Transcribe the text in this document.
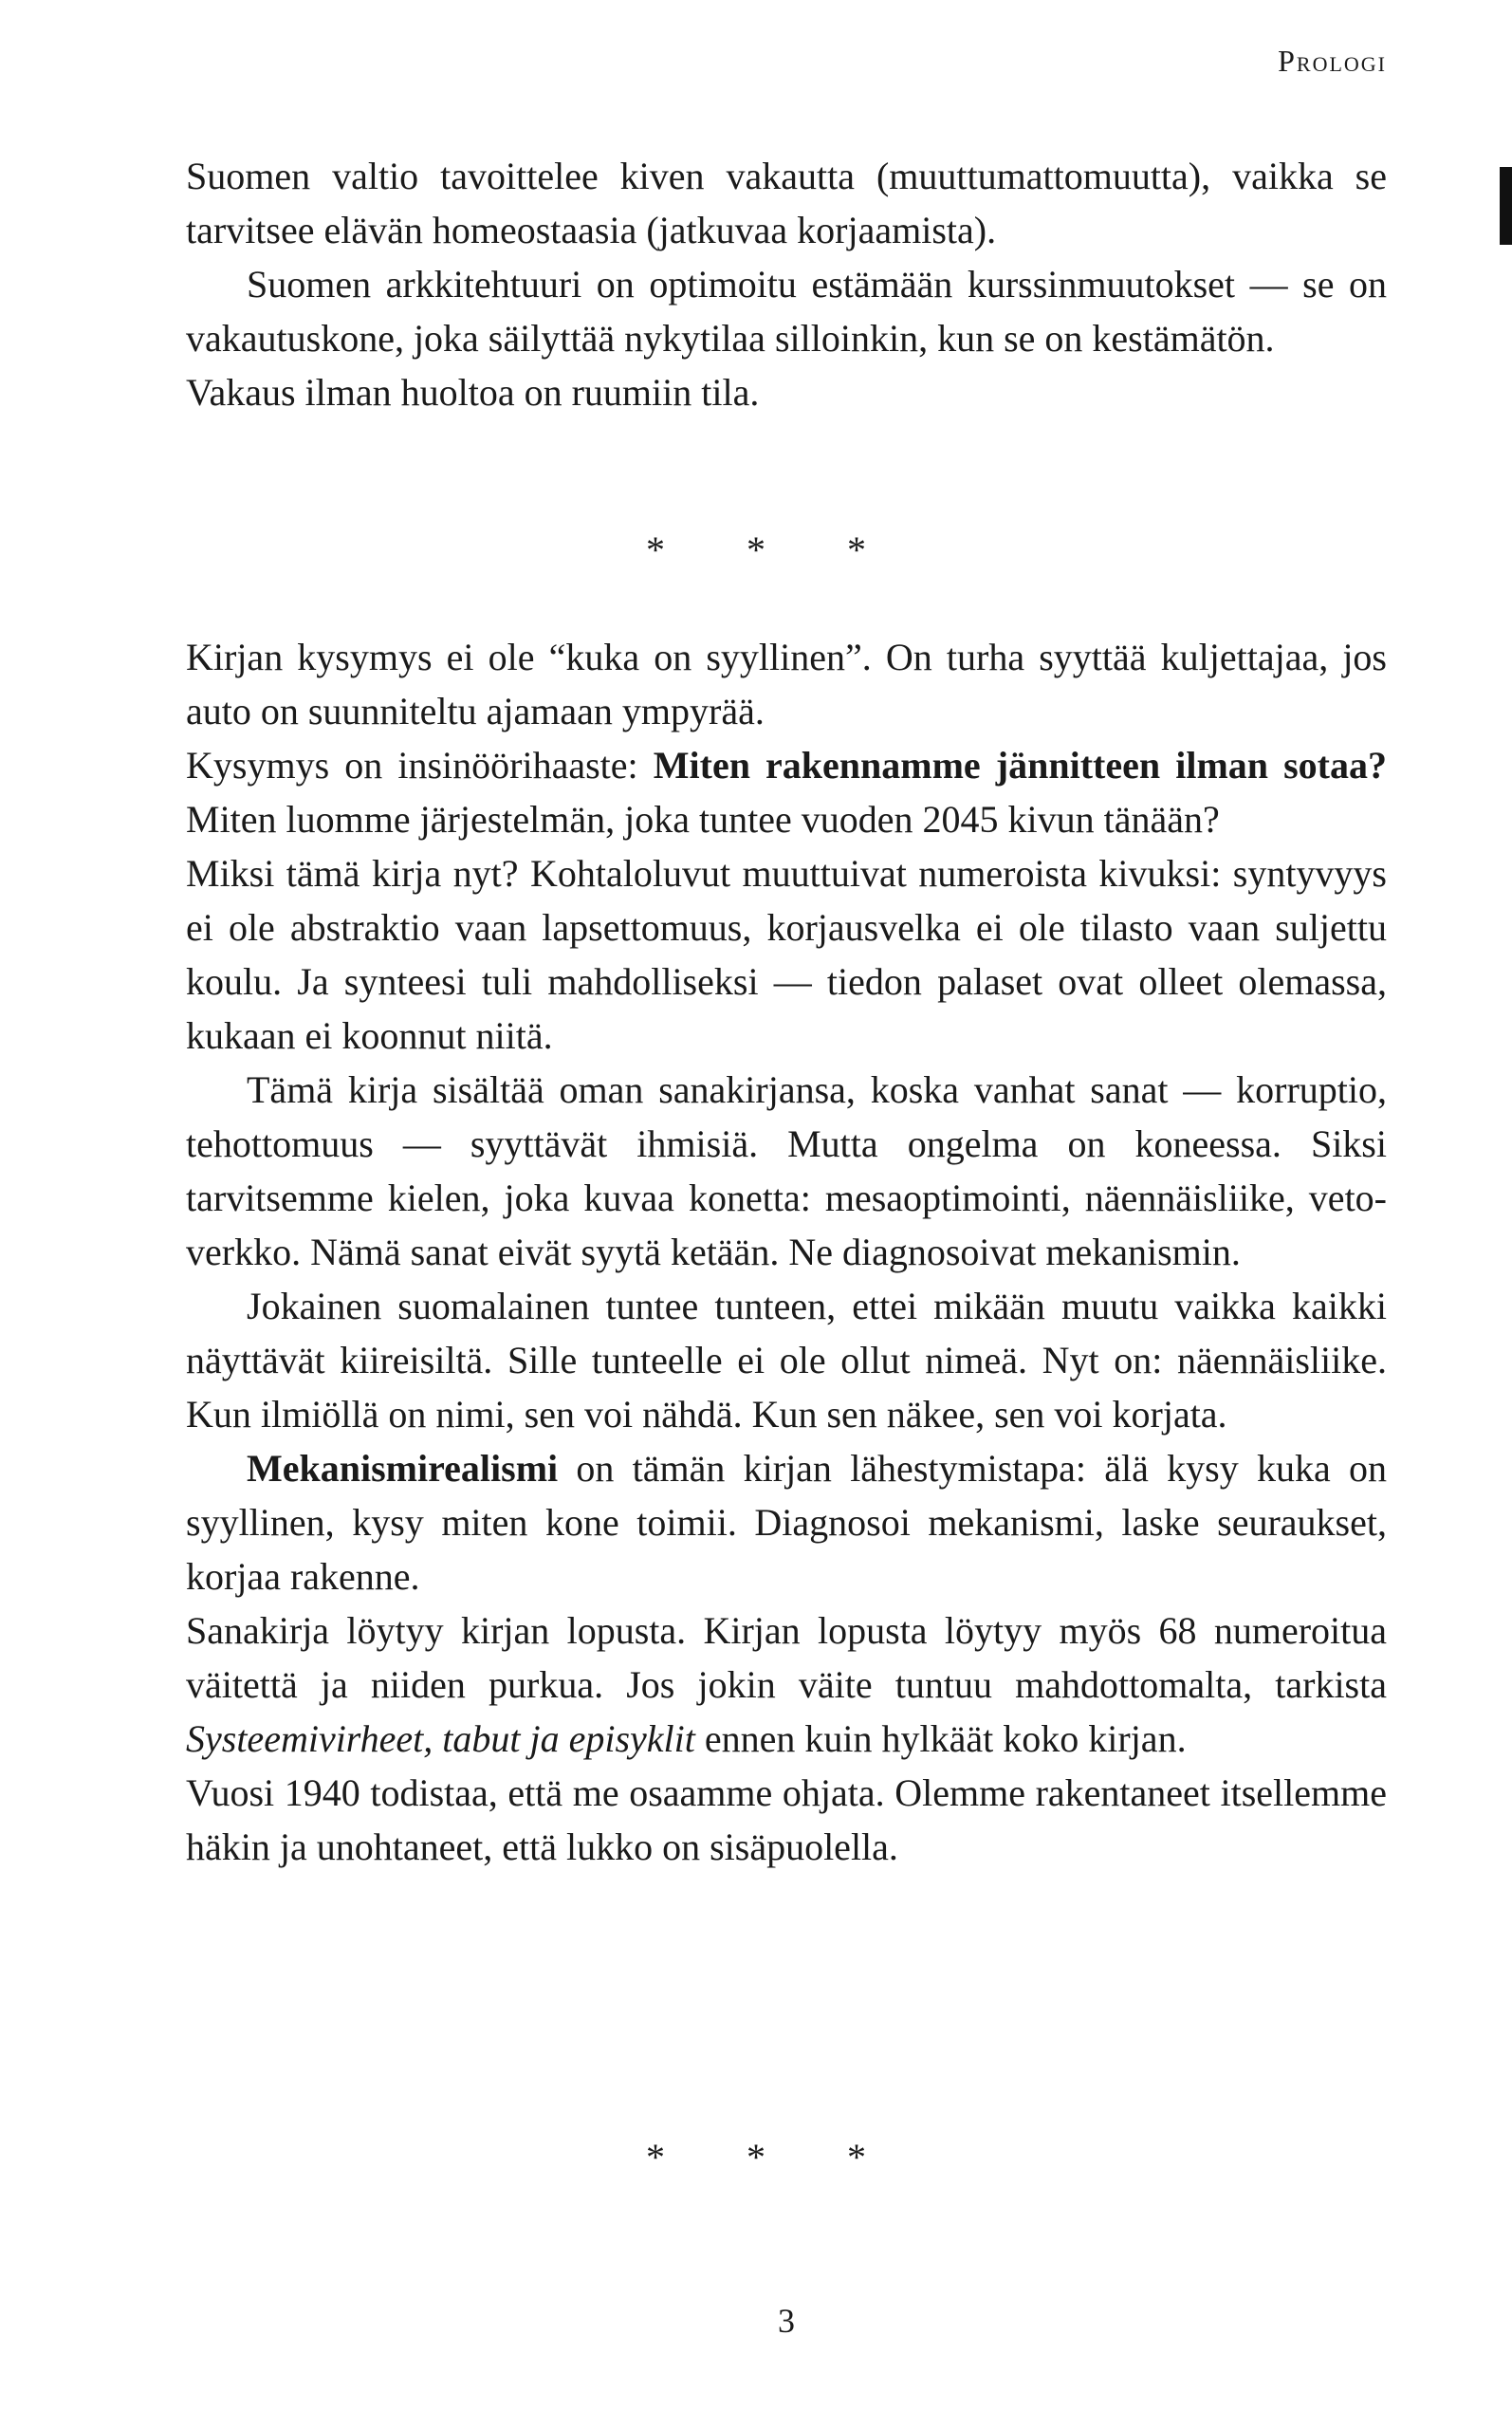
Prologi

Suomen valtio tavoittelee kiven vakautta (muuttumattomuutta), vaikka se tarvitsee elävän homeostaasia (jatkuvaa korjaamista).

Suomen arkkitehtuuri on optimoitu estämään kurssinmuutokset — se on vakautuskone, joka säilyttää nykytilaa silloinkin, kun se on kestämätön.

Vakaus ilman huoltoa on ruumiin tila.

* * *

Kirjan kysymys ei ole “kuka on syyllinen”. On turha syyttää kuljettajaa, jos auto on suunniteltu ajamaan ympyrää.

Kysymys on insinöörihaaste: Miten rakennamme jännitteen ilman sotaa? Miten luomme järjestelmän, joka tuntee vuoden 2045 kivun tänään?

Miksi tämä kirja nyt? Kohtaloluvut muuttuivat numeroista kivuksi: syntyvyys ei ole abstraktio vaan lapsettomuus, korjausvelka ei ole tilasto vaan suljettu koulu. Ja synteesi tuli mahdolliseksi — tiedon palaset ovat olleet olemassa, kukaan ei koonnut niitä.

Tämä kirja sisältää oman sanakirjansa, koska vanhat sanat — korruptio, tehottomuus — syyttävät ihmisiä. Mutta ongelma on koneessa. Siksi tarvitsemme kielen, joka kuvaa konetta: mesaoptimointi, näennäisliike, veto-verkko. Nämä sanat eivät syytä ketään. Ne diagnosoivat mekanismin.

Jokainen suomalainen tuntee tunteen, ettei mikään muutu vaikka kaikki näyttävät kiireisiltä. Sille tunteelle ei ole ollut nimeä. Nyt on: näennäisliike. Kun ilmiöllä on nimi, sen voi nähdä. Kun sen näkee, sen voi korjata.

Mekanismirealismi on tämän kirjan lähestymistapa: älä kysy kuka on syyllinen, kysy miten kone toimii. Diagnosoi mekanismi, laske seuraukset, korjaa rakenne.

Sanakirja löytyy kirjan lopusta. Kirjan lopusta löytyy myös 68 numeroitua väitettä ja niiden purkua. Jos jokin väite tuntuu mahdottomalta, tarkista Systeemivirheet, tabut ja episyklit ennen kuin hylkäät koko kirjan.

Vuosi 1940 todistaa, että me osaamme ohjata. Olemme rakentaneet itsellemme häkin ja unohtaneet, että lukko on sisäpuolella.

* * *
3
